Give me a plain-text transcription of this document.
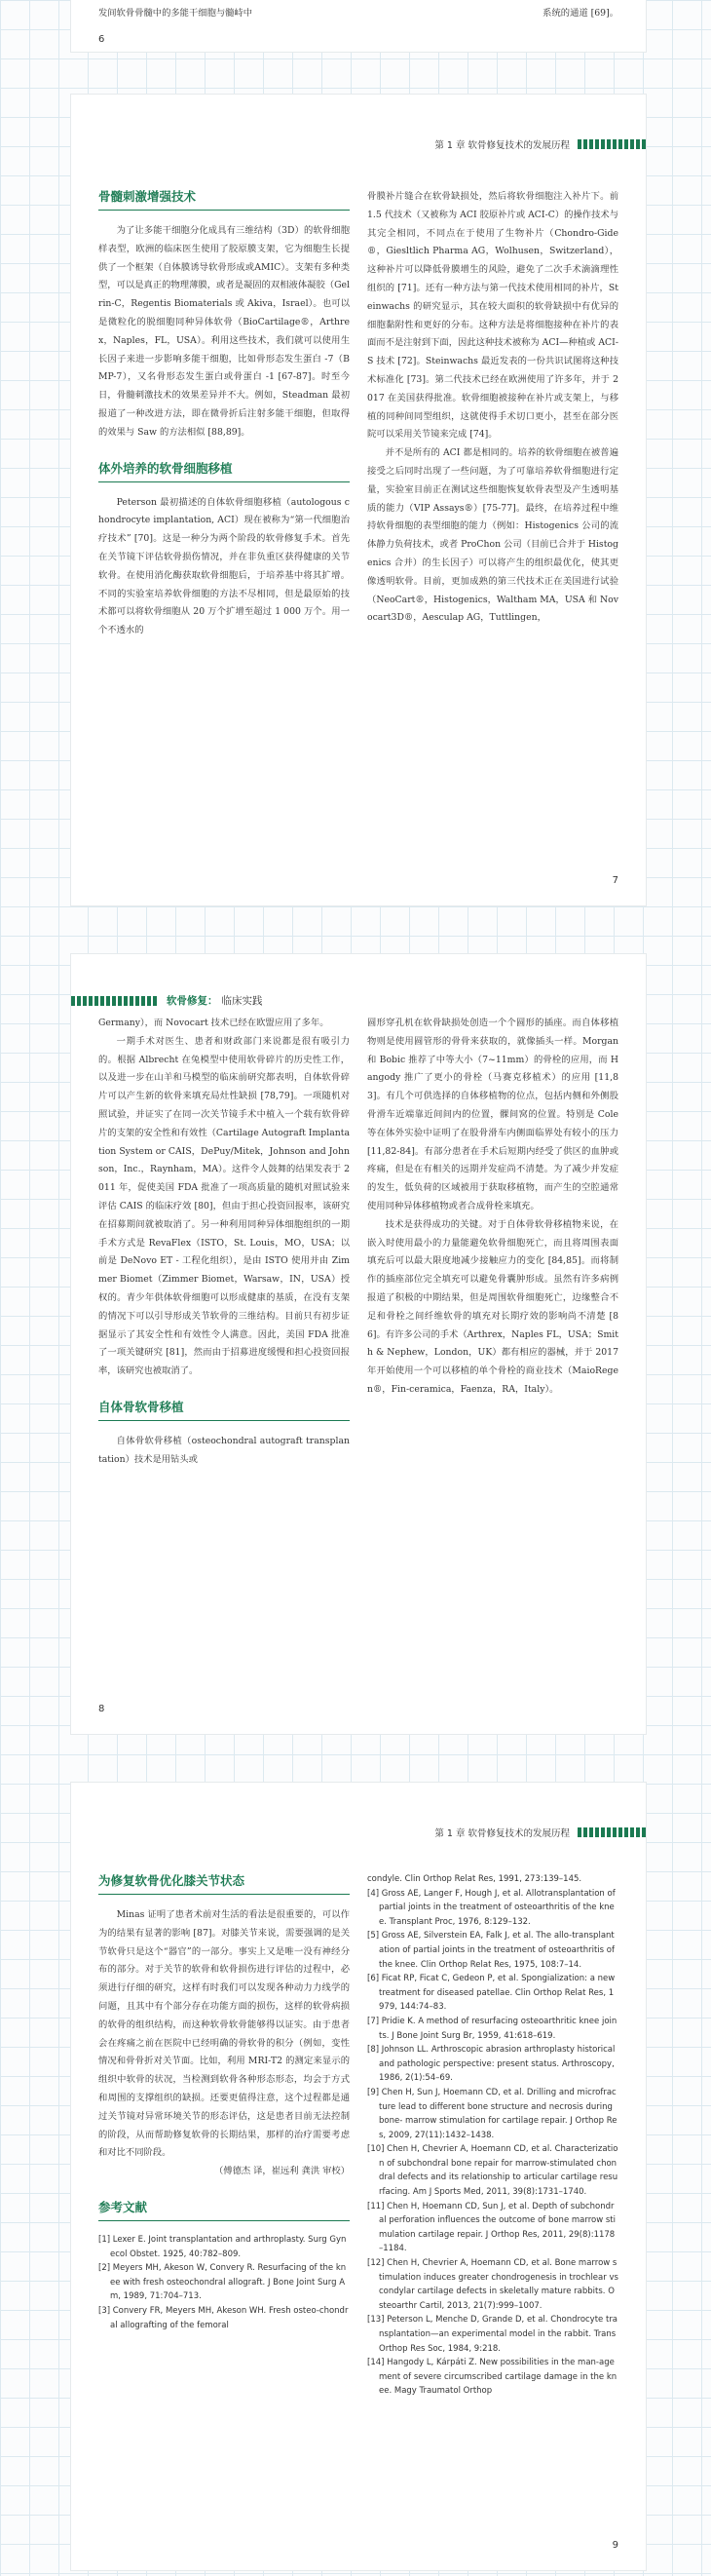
发间软骨骨髓中的多能干细胞与髓峙中	系统的通道 [69]。
6
第 1 章 软骨修复技术的发展历程
骨髓刺激增强技术

为了让多能干细胞分化成具有三维结构（3D）的软骨细胞样表型，欧洲的临床医生使用了胶原膜支架，它为细胞生长提供了一个框架（自体膜诱导软骨形成或AMIC）。支架有多种类型，可以是真正的物理薄膜，或者是凝固的双相液体凝胶（Gelrin-C，Regentis Biomaterials 或 Akiva，Israel）。也可以是微粒化的脱细胞同种异体软骨（BioCartilage®，Arthrex，Naples，FL，USA）。利用这些技术，我们就可以使用生长因子来进一步影响多能干细胞，比如骨形态发生蛋白 -7（BMP-7），又名骨形态发生蛋白或骨蛋白 -1 [67-87]。时至今日，骨髓刺激技术的效果差异并不大。例如，Steadman 最初报道了一种改进方法，即在微骨折后注射多能干细胞，但取得的效果与 Saw 的方法相似 [88,89]。

体外培养的软骨细胞移植

Peterson 最初描述的自体软骨细胞移植（autologous chondrocyte implantation, ACI）现在被称为“第一代细胞治疗技术” [70]。这是一种分为两个阶段的软骨修复手术。首先在关节镜下评估软骨损伤情况，并在非负重区获得健康的关节软骨。在使用消化酶获取软骨细胞后，于培养基中将其扩增。不同的实验室培养软骨细胞的方法不尽相同，但是最原始的技术都可以将软骨细胞从 20 万个扩增至超过 1 000 万个。用一个不透水的

骨膜补片缝合在软骨缺损处，然后将软骨细胞注入补片下。前 1.5 代技术（又被称为 ACI 胶原补片或 ACI-C）的操作技术与其完全相同，不同点在于使用了生物补片（Chondro-Gide®，Giesltlich Pharma AG，Wolhusen，Switzerland），这种补片可以降低骨膜增生的风险，避免了二次手术滴滴理性组织的 [71]。还有一种方法与第一代技术使用相同的补片，Steinwachs 的研究显示，其在较大面积的软骨缺损中有优异的细胞黏附性和更好的分布。这种方法是将细胞接种在补片的表面而不是注射到下面，因此这种技术被称为 ACI—种植或 ACI-S 技术 [72]。Steinwachs 最近发表的一份共识试图将这种技术标准化 [73]。第二代技术已经在欧洲使用了许多年，并于 2017 在美国获得批准。软骨细胞被接种在补片或支架上，与移植的同种间同型组织，这就使得手术切口更小，甚至在部分医院可以采用关节镜来完成 [74]。

并不是所有的 ACI 都是相同的。培养的软骨细胞在被普遍接受之后同时出现了一些问题，为了可靠培养软骨细胞进行定量，实验室目前正在测试这些细胞恢复软骨表型及产生透明基质的能力（VIP Assays®）[75-77]。最终，在培养过程中维持软骨细胞的表型细胞的能力（例如：Histogenics 公司的流体静力负荷技术，或者 ProChon 公司（目前已合并于 Histogenics 合并）的生长因子）可以将产生的组织最优化，使其更像透明软骨。目前，更加成熟的第三代技术正在美国进行试验（NeoCart®，Histogenics，Waltham MA，USA 和 Novocart3D®，Aesculap AG，Tuttlingen，

7
软骨修复： 临床实践

Germany），而 Novocart 技术已经在欧盟应用了多年。

一期手术对医生、患者和财政部门来说都是很有吸引力的。根据 Albrecht 在兔模型中使用软骨碎片的历史性工作，以及进一步在山羊和马模型的临床前研究都表明，自体软骨碎片可以产生新的软骨来填充局灶性缺损 [78,79]。一项随机对照试验，并证实了在同一次关节镜手术中植入一个载有软骨碎片的支架的安全性和有效性（Cartilage Autograft Implantation System or CAIS，DePuy/Mitek，Johnson and Johnson，Inc.，Raynham，MA）。这件令人鼓舞的结果发表于 2011 年，促使美国 FDA 批准了一项高质量的随机对照试验来评估 CAIS 的临床疗效 [80]，但由于担心投资回报率，该研究在招募期间就被取消了。另一种利用同种异体细胞组织的一期手术方式是 RevaFlex（ISTO，St. Louis，MO，USA；以前是 DeNovo ET - 工程化组织），是由 ISTO 使用并由 Zimmer Biomet（Zimmer Biomet，Warsaw，IN，USA）授权的。青少年供体软骨细胞可以形成健康的基质，在没有支架的情况下可以引导形成关节软骨的三维结构。目前只有初步证据显示了其安全性和有效性令人满意。因此，美国 FDA 批准了一项关键研究 [81]，然而由于招募进度缓慢和担心投资回报率，该研究也被取消了。

自体骨软骨移植

自体骨软骨移植（osteochondral autograft transplantation）技术是用钻头或

圆形穿孔机在软骨缺损处创造一个个圆形的插座。而自体移植物则是使用圆管形的骨骨来获取的，就像插头一样。Morgan 和 Bobic 推荐了中等大小（7~11mm）的骨栓的应用，而 Hangody 推广了更小的骨栓（马赛克移植术）的应用 [11,83]。有几个可供选择的自体移植物的位点，包括内侧和外侧股骨滑车近端靠近间间内的位置，髁间窝的位置。特别是 Cole 等在体外实验中证明了在股骨滑车内侧面临界处有较小的压力 [11,82-84]。有部分患者在手术后短期内经受了供区的血肿或疼痛，但是在有相关的远期并发症尚不清楚。为了减少并发症的发生，低负荷的区域被用于获取移植物，而产生的空腔通常使用同种异体移植物或者合成骨栓来填充。

技术是获得成功的关键。对于自体骨软骨移植物来说，在嵌入时使用最小的力量能避免软骨细胞死亡，而且将周围表面填充后可以最大限度地减少接触应力的变化 [84,85]。而将制作的插座部位完全填充可以避免骨囊肿形成。虽然有许多病例报道了积极的中期结果，但是周围软骨细胞死亡，边缘整合不足和骨栓之间纤维软骨的填充对长期疗效的影响尚不清楚 [86]。有许多公司的手术（Arthrex，Naples FL，USA；Smith & Nephew，London，UK）都有相应的器械，并于 2017 年开始使用一个可以移植的单个骨栓的商业技术（MaioRegen®，Fin-ceramica，Faenza，RA，Italy）。

8
第 1 章 软骨修复技术的发展历程
为修复软骨优化膝关节状态

Minas 证明了患者术前对生活的看法是很重要的，可以作为的结果有显著的影响 [87]。对膝关节来说，需要强调的是关节软骨只是这个“器官”的一部分。事实上又是唯一没有神经分布的部分。对于关节的软骨和软骨损伤进行评估的过程中，必须进行仔细的研究，这样有时我们可以发现各种动力力线学的问题，且其中有个部分存在功能方面的损伤，这样的软骨病损的软骨的组织结构，而这种软骨软骨能够得以证实。由于患者会在疼痛之前在医院中已经明确的骨软骨的积分（例如，变性情况和骨骨折对关节面。比如，利用 MRI-T2 的测定来显示的组织中软骨的状况，当检测到软骨各种形态形态，均会于方式和周围的支撑组织的缺损。还要更值得注意，这个过程都是通过关节镜对异常环境关节的形态评估，这是患者目前无法控制的阶段，从而帮助修复软骨的长期结果，那样的治疗需要考虑和对比不同阶段。

（傅德杰 译，崔远利 龚洪 审校）

参考文献
[1] Lexer E. Joint transplantation and arthroplasty. Surg Gynecol Obstet. 1925, 40:782–809.
[2] Meyers MH, Akeson W, Convery R. Resurfacing of the knee with fresh osteochondral allograft. J Bone Joint Surg Am, 1989, 71:704–713.
[3] Convery FR, Meyers MH, Akeson WH. Fresh osteo-chondral allografting of the femoral
condyle. Clin Orthop Relat Res, 1991, 273:139–145.
[4] Gross AE, Langer F, Hough J, et al. Allotransplantation of partial joints in the treatment of osteoarthritis of the knee. Transplant Proc, 1976, 8:129–132.
[5] Gross AE, Silverstein EA, Falk J, et al. The allo-transplantation of partial joints in the treatment of osteoarthritis of the knee. Clin Orthop Relat Res, 1975, 108:7–14.
[6] Ficat RP, Ficat C, Gedeon P, et al. Spongialization: a new treatment for diseased patellae. Clin Orthop Relat Res, 1979, 144:74–83.
[7] Pridie K. A method of resurfacing osteoarthritic knee joints. J Bone Joint Surg Br, 1959, 41:618–619.
[8] Johnson LL. Arthroscopic abrasion arthroplasty historical and pathologic perspective: present status. Arthroscopy, 1986, 2(1):54–69.
[9] Chen H, Sun J, Hoemann CD, et al. Drilling and microfracture lead to different bone structure and necrosis during bone- marrow stimulation for cartilage repair. J Orthop Res, 2009, 27(11):1432–1438.
[10] Chen H, Chevrier A, Hoemann CD, et al. Characterization of subchondral bone repair for marrow-stimulated chondral defects and its relationship to articular cartilage resurfacing. Am J Sports Med, 2011, 39(8):1731–1740.
[11] Chen H, Hoemann CD, Sun J, et al. Depth of subchondral perforation influences the outcome of bone marrow stimulation cartilage repair. J Orthop Res, 2011, 29(8):1178–1184.
[12] Chen H, Chevrier A, Hoemann CD, et al. Bone marrow stimulation induces greater chondrogenesis in trochlear vs condylar cartilage defects in skeletally mature rabbits. Osteoarthr Cartil, 2013, 21(7):999–1007.
[13] Peterson L, Menche D, Grande D, et al. Chondrocyte transplantation—an experimental model in the rabbit. Trans Orthop Res Soc, 1984, 9:218.
[14] Hangody L, Kárpáti Z. New possibilities in the man-agement of severe circumscribed cartilage damage in the knee. Magy Traumatol Orthop
9
